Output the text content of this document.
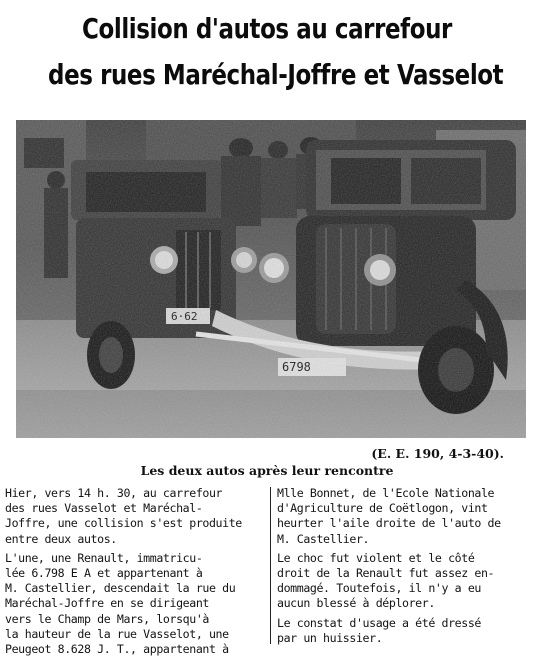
Collision d'autos au carrefour
des rues Maréchal-Joffre et Vasselot
(E. E. 190, 4-3-40).
Les deux autos après leur rencontre
Hier, vers 14 h. 30, au carrefour
des rues Vasselot et Maréchal-
Joffre, une collision s'est produite
entre deux autos.
L'une, une Renault, immatricu-
lée 6.798 E A et appartenant à
M. Castellier, descendait la rue du
Maréchal-Joffre en se dirigeant
vers le Champ de Mars, lorsqu'à
la hauteur de la rue Vasselot, une
Peugeot 8.628 J. T., appartenant à
Mlle Bonnet, de l'Ecole Nationale
d'Agriculture de Coëtlogon, vint
heurter l'aile droite de l'auto de
M. Castellier.
Le choc fut violent et le côté
droit de la Renault fut assez en-
dommagé. Toutefois, il n'y a eu
aucun blessé à déplorer.
Le constat d'usage a été dressé
par un huissier.
